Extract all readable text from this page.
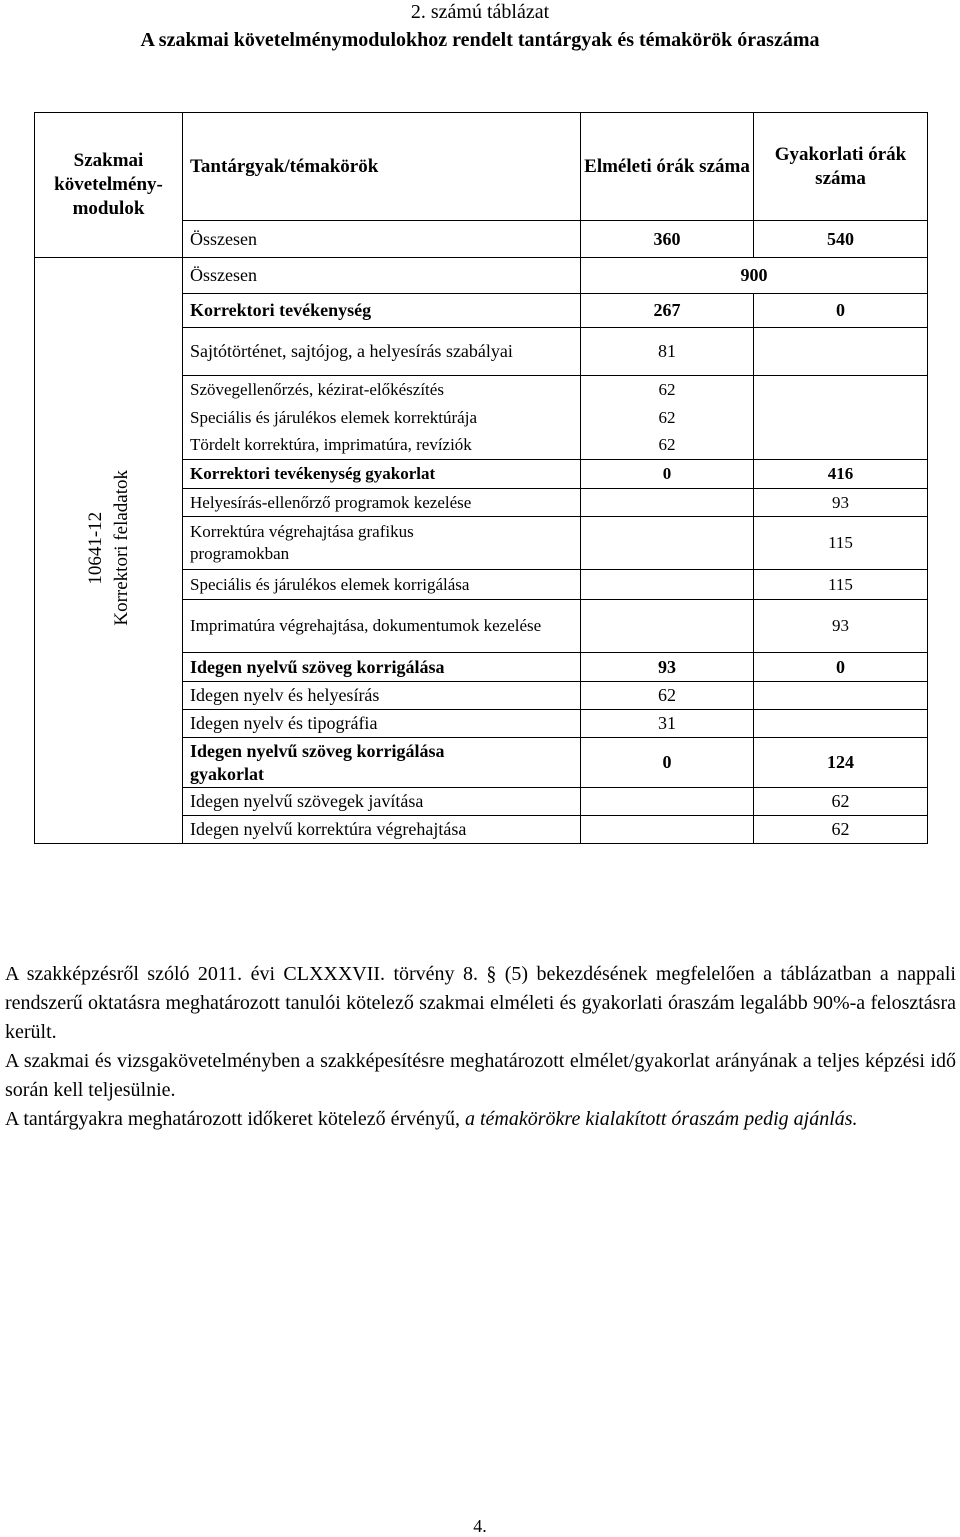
2. számú táblázat
A szakmai követelménymodulokhoz rendelt tantárgyak és témakörök óraszáma
Szakmai követelmény-modulok	Tantárgyak/témakörök	Elméleti órák száma	Gyakorlati órák száma
	Összesen	360	540
10641-12 Korrektori feladatok	Összesen	900	
	Korrektori tevékenység	267	0
	Sajtótörténet, sajtójog, a helyesírás szabályai	81	
	Szövegellenőrzés, kézirat-előkészítés	62	
	Speciális és járulékos elemek korrektúrája	62	
	Tördelt korrektúra, imprimatúra, revíziók	62	
	Korrektori tevékenység gyakorlat	0	416
	Helyesírás-ellenőrző programok kezelése		93
	Korrektúra végrehajtása grafikus programokban		115
	Speciális és járulékos elemek korrigálása		115
	Imprimatúra végrehajtása, dokumentumok kezelése		93
	Idegen nyelvű szöveg korrigálása	93	0
	Idegen nyelv és helyesírás	62	
	Idegen nyelv és tipográfia	31	
	Idegen nyelvű szöveg korrigálása gyakorlat	0	124
	Idegen nyelvű szövegek javítása		62
	Idegen nyelvű korrektúra végrehajtása		62

A szakképzésről szóló 2011. évi CLXXXVII. törvény 8. § (5) bekezdésének megfelelően a táblázatban a nappali rendszerű oktatásra meghatározott tanulói kötelező szakmai elméleti és gyakorlati óraszám legalább 90%-a felosztásra került.

A szakmai és vizsgakövetelményben a szakképesítésre meghatározott elmélet/gyakorlat arányának a teljes képzési idő során kell teljesülnie.

A tantárgyakra meghatározott időkeret kötelező érvényű, a témakörökre kialakított óraszám pedig ajánlás.

4.
